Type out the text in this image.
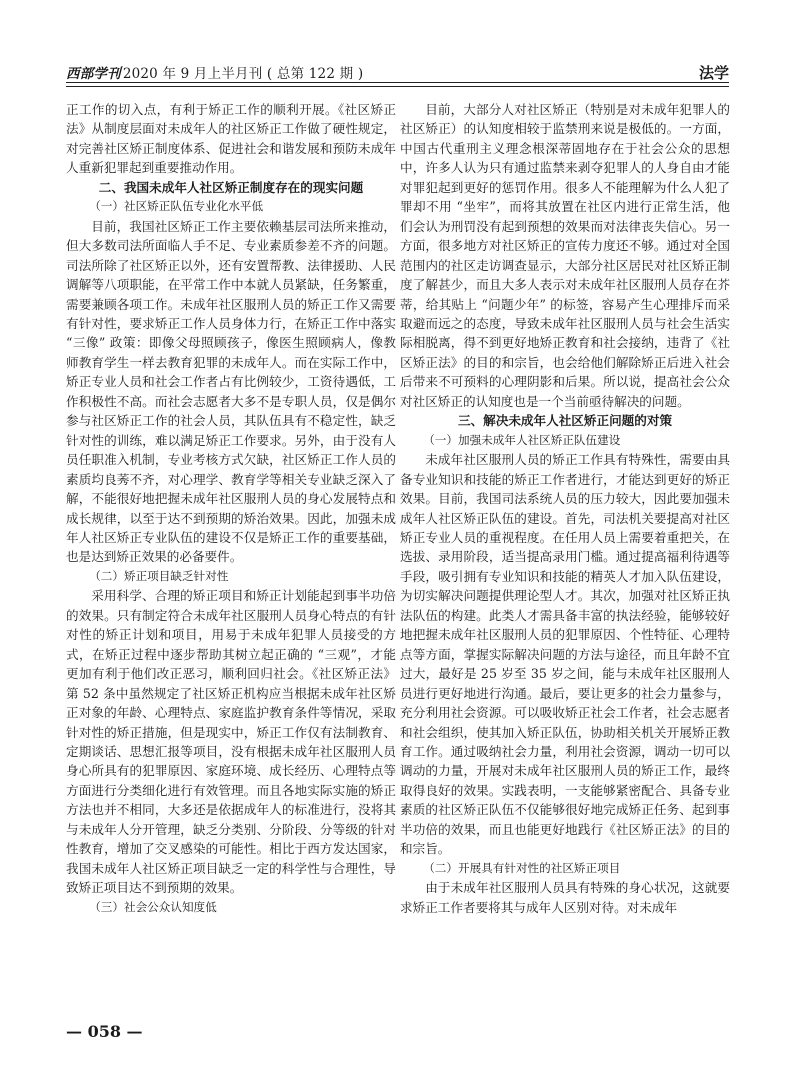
西部学刊 2020 年 9 月上半月刊 ( 总第 122 期 )	法学

正工作的切入点，有利于矫正工作的顺利开展。《社区矫正法》从制度层面对未成年人的社区矫正工作做了硬性规定，对完善社区矫正制度体系、促进社会和谐发展和预防未成年人重新犯罪起到重要推动作用。

二、我国未成年人社区矫正制度存在的现实问题
（一）社区矫正队伍专业化水平低

目前，我国社区矫正工作主要依赖基层司法所来推动，但大多数司法所面临人手不足、专业素质参差不齐的问题。司法所除了社区矫正以外，还有安置帮教、法律援助、人民调解等八项职能，在平常工作中本就人员紧缺，任务繁重，需要兼顾各项工作。未成年社区服刑人员的矫正工作又需要有针对性，要求矫正工作人员身体力行，在矫正工作中落实 “三像” 政策：即像父母照顾孩子，像医生照顾病人，像教师教育学生一样去教育犯罪的未成年人。而在实际工作中，矫正专业人员和社会工作者占有比例较少，工资待遇低，工作积极性不高。而社会志愿者大多不是专职人员，仅是偶尔参与社区矫正工作的社会人员，其队伍具有不稳定性，缺乏针对性的训练，难以满足矫正工作要求。另外，由于没有人员任职准入机制，专业考核方式欠缺，社区矫正工作人员的素质均良莠不齐，对心理学、教育学等相关专业缺乏深入了解，不能很好地把握未成年社区服刑人员的身心发展特点和成长规律，以至于达不到预期的矫治效果。因此，加强未成年人社区矫正专业队伍的建设不仅是矫正工作的重要基础，也是达到矫正效果的必备要件。

（二）矫正项目缺乏针对性

采用科学、合理的矫正项目和矫正计划能起到事半功倍的效果。只有制定符合未成年社区服刑人员身心特点的有针对性的矫正计划和项目，用易于未成年犯罪人员接受的方式，在矫正过程中逐步帮助其树立起正确的 “三观”，才能更加有利于他们改正恶习，顺利回归社会。《社区矫正法》第 52 条中虽然规定了社区矫正机构应当根据未成年社区矫正对象的年龄、心理特点、家庭监护教育条件等情况，采取针对性的矫正措施，但是现实中，矫正工作仅有法制教育、定期谈话、思想汇报等项目，没有根据未成年社区服刑人员身心所具有的犯罪原因、家庭环境、成长经历、心理特点等方面进行分类细化进行有效管理。而且各地实际实施的矫正方法也并不相同，大多还是依据成年人的标准进行，没将其与未成年人分开管理，缺乏分类别、分阶段、分等级的针对性教育，增加了交叉感染的可能性。相比于西方发达国家，我国未成年人社区矫正项目缺乏一定的科学性与合理性，导致矫正项目达不到预期的效果。

（三）社会公众认知度低

目前，大部分人对社区矫正（特别是对未成年犯罪人的社区矫正）的认知度相较于监禁刑来说是极低的。一方面，中国古代重刑主义理念根深蒂固地存在于社会公众的思想中，许多人认为只有通过监禁来剥夺犯罪人的人身自由才能对罪犯起到更好的惩罚作用。很多人不能理解为什么人犯了罪却不用 “坐牢”，而将其放置在社区内进行正常生活，他们会认为刑罚没有起到预想的效果而对法律丧失信心。另一方面，很多地方对社区矫正的宣传力度还不够。通过对全国范围内的社区走访调查显示，大部分社区居民对社区矫正制度了解甚少，而且大多人表示对未成年社区服刑人员存在芥蒂，给其贴上 “问题少年” 的标签，容易产生心理排斥而采取避而远之的态度，导致未成年社区服刑人员与社会生活实际相脱离，得不到更好地矫正教育和社会接纳，违背了《社区矫正法》的目的和宗旨，也会给他们解除矫正后进入社会后带来不可预料的心理阴影和后果。所以说，提高社会公众对社区矫正的认知度也是一个当前亟待解决的问题。

三、解决未成年人社区矫正问题的对策
（一）加强未成年人社区矫正队伍建设

未成年社区服刑人员的矫正工作具有特殊性，需要由具备专业知识和技能的矫正工作者进行，才能达到更好的矫正效果。目前，我国司法系统人员的压力较大，因此要加强未成年人社区矫正队伍的建设。首先，司法机关要提高对社区矫正专业人员的重视程度。在任用人员上需要着重把关，在选拔、录用阶段，适当提高录用门槛。通过提高福利待遇等手段，吸引拥有专业知识和技能的精英人才加入队伍建设，为切实解决问题提供理论型人才。其次，加强对社区矫正执法队伍的构建。此类人才需具备丰富的执法经验，能够较好地把握未成年社区服刑人员的犯罪原因、个性特征、心理特点等方面，掌握实际解决问题的方法与途径，而且年龄不宜过大，最好是 25 岁至 35 岁之间，能与未成年社区服刑人员进行更好地进行沟通。最后，要让更多的社会力量参与，充分利用社会资源。可以吸收矫正社会工作者，社会志愿者和社会组织，使其加入矫正队伍，协助相关机关开展矫正教育工作。通过吸纳社会力量，利用社会资源，调动一切可以调动的力量，开展对未成年社区服刑人员的矫正工作，最终取得良好的效果。实践表明，一支能够紧密配合、具备专业素质的社区矫正队伍不仅能够很好地完成矫正任务、起到事半功倍的效果，而且也能更好地践行《社区矫正法》的目的和宗旨。

（二）开展具有针对性的社区矫正项目

由于未成年社区服刑人员具有特殊的身心状况，这就要求矫正工作者要将其与成年人区别对待。对未成年

— 058 —
